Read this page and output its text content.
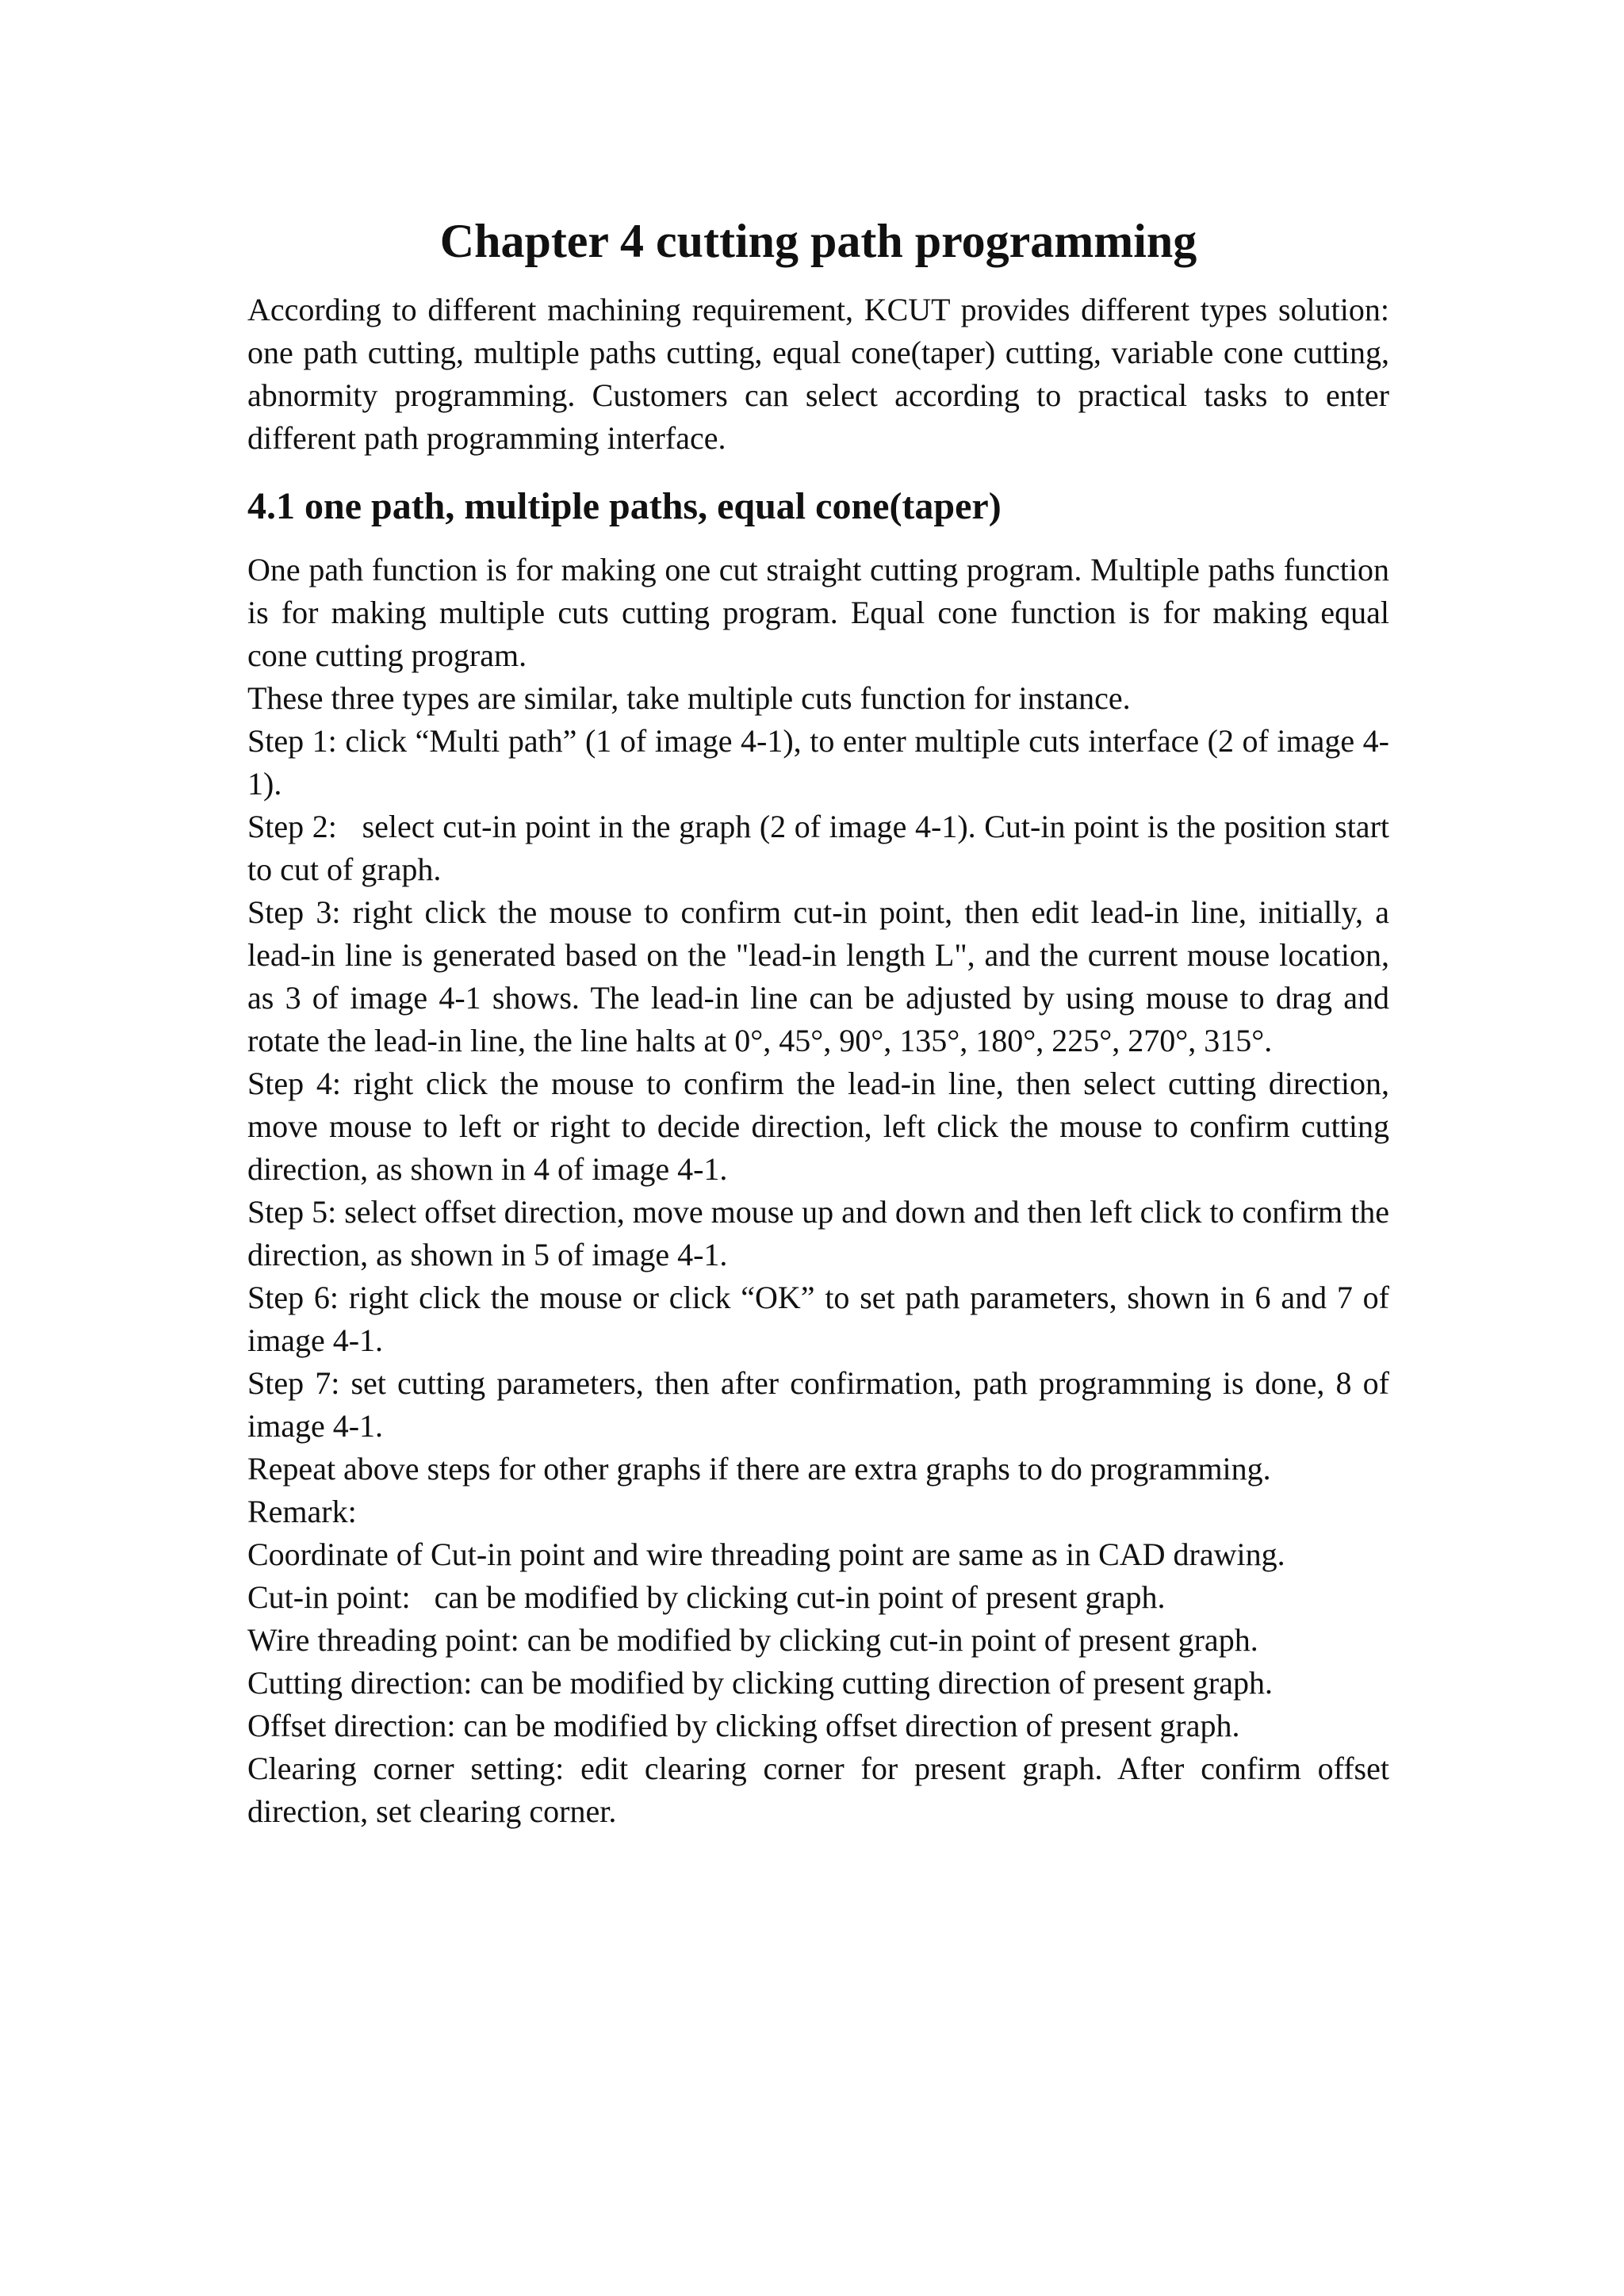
Chapter 4 cutting path programming

According to different machining requirement, KCUT provides different types solution: one path cutting, multiple paths cutting, equal cone(taper) cutting, variable cone cutting, abnormity programming. Customers can select according to practical tasks to enter different path programming interface.

4.1 one path, multiple paths, equal cone(taper)

One path function is for making one cut straight cutting program. Multiple paths function is for making multiple cuts cutting program. Equal cone function is for making equal cone cutting program.

These three types are similar, take multiple cuts function for instance.

Step 1: click “Multi path” (1 of image 4-1), to enter multiple cuts interface (2 of image 4-1).

Step 2:   select cut-in point in the graph (2 of image 4-1). Cut-in point is the position start to cut of graph.

Step 3: right click the mouse to confirm cut-in point, then edit lead-in line, initially, a lead-in line is generated based on the "lead-in length L", and the current mouse location, as 3 of image 4-1 shows. The lead-in line can be adjusted by using mouse to drag and rotate the lead-in line, the line halts at 0°, 45°, 90°, 135°, 180°, 225°, 270°, 315°.

Step 4: right click the mouse to confirm the lead-in line, then select cutting direction, move mouse to left or right to decide direction, left click the mouse to confirm cutting direction, as shown in 4 of image 4-1.

Step 5: select offset direction, move mouse up and down and then left click to confirm the direction, as shown in 5 of image 4-1.

Step 6: right click the mouse or click “OK” to set path parameters, shown in 6 and 7 of image 4-1.

Step 7: set cutting parameters, then after confirmation, path programming is done, 8 of image 4-1.

Repeat above steps for other graphs if there are extra graphs to do programming.

Remark:

Coordinate of Cut-in point and wire threading point are same as in CAD drawing.

Cut-in point:   can be modified by clicking cut-in point of present graph.

Wire threading point: can be modified by clicking cut-in point of present graph.

Cutting direction: can be modified by clicking cutting direction of present graph.

Offset direction: can be modified by clicking offset direction of present graph.

Clearing corner setting: edit clearing corner for present graph. After confirm offset direction, set clearing corner.
